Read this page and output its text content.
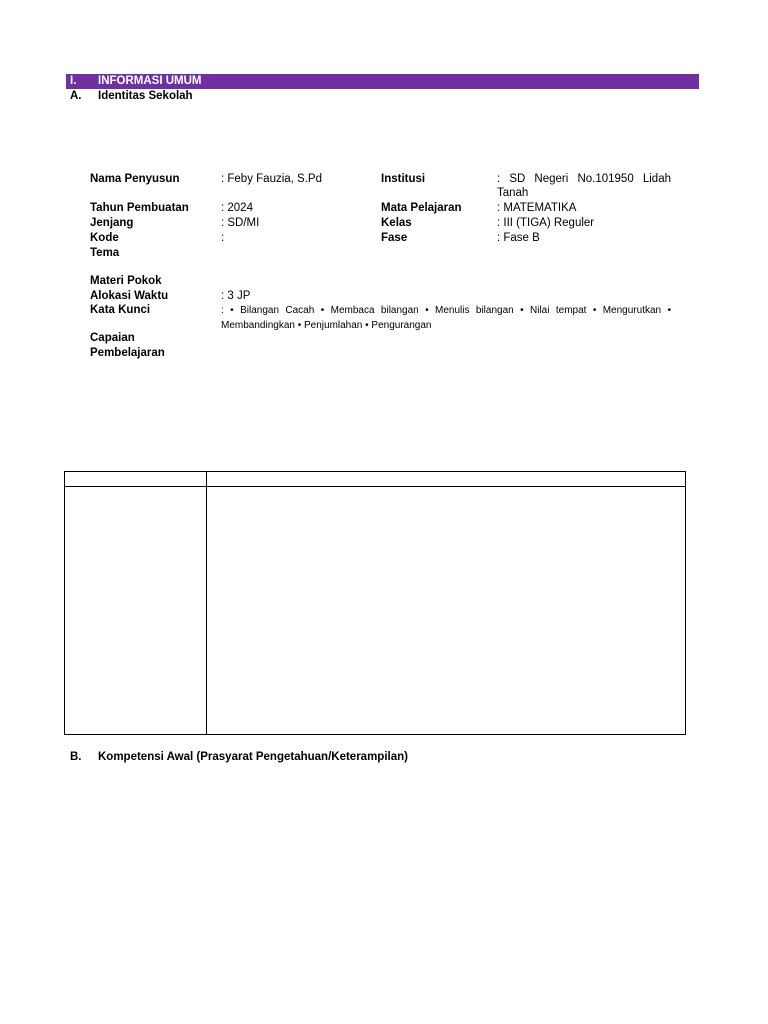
I. INFORMASI UMUM
A. Identitas Sekolah
Nama Penyusun	: Feby Fauzia, S.Pd	Institusi	: SD Negeri No.101950 Lidah Tanah
Tahun Pembuatan	: 2024	Mata Pelajaran	: MATEMATIKA
Jenjang	: SD/MI	Kelas	: III (TIGA) Reguler
Kode	:	Fase	: Fase B
Tema
Materi Pokok
Alokasi Waktu	: 3 JP
Kata Kunci	: • Bilangan Cacah • Membaca bilangan • Menulis bilangan • Nilai tempat • Mengurutkan • Membandingkan • Penjumlahan • Pengurangan
Capaian
Pembelajaran
B. Kompetensi Awal (Prasyarat Pengetahuan/Keterampilan)
